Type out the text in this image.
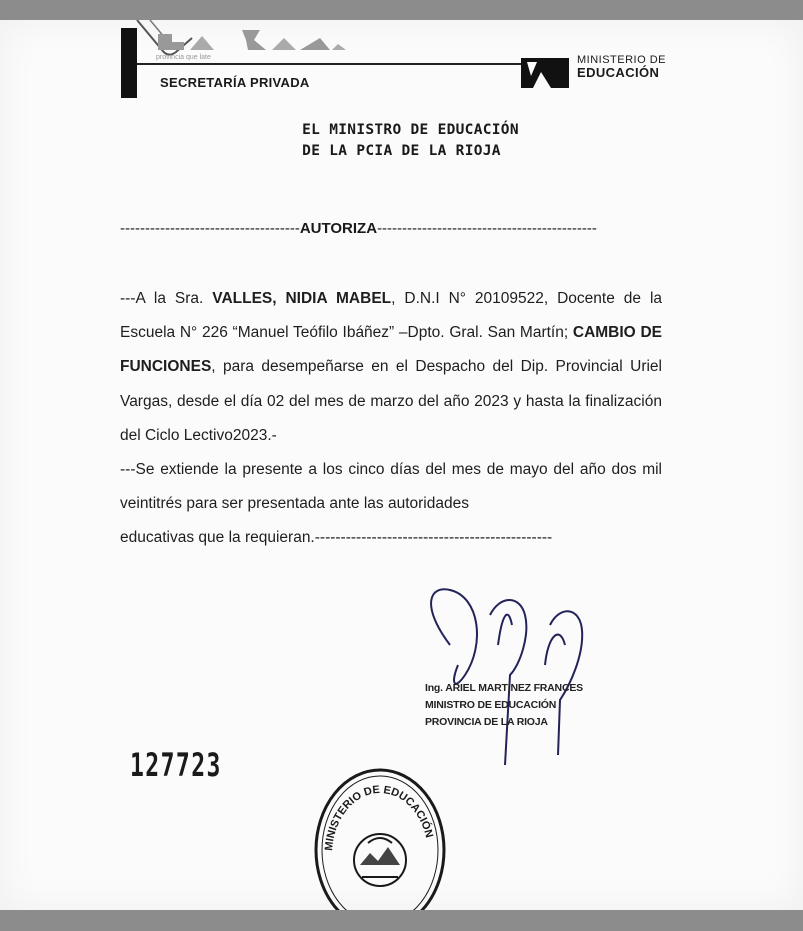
provincia que late
SECRETARÍA PRIVADA
MINISTERIO DE
EDUCACIÓN
EL MINISTRO DE EDUCACIÓN
DE LA PCIA DE LA RIOJA
------------------------------------AUTORIZA--------------------------------------------

---A la Sra. VALLES, NIDIA MABEL, D.N.I N° 20109522, Docente de la Escuela N° 226 “Manuel Teófilo Ibáñez” –Dpto. Gral. San Martín; CAMBIO DE FUNCIONES, para desempeñarse en el Despacho del Dip. Provincial Uriel Vargas, desde el día 02 del mes de marzo del año 2023 y hasta la finalización del Ciclo Lectivo2023.-

---Se extiende la presente a los cinco días del mes de mayo del año dos mil veintitrés para ser presentada ante las autoridades
educativas que la requieran.----------------------------------------------

Ing. ARIEL MARTINEZ FRANCES
MINISTRO DE EDUCACIÓN
PROVINCIA DE LA RIOJA
127723
MINISTERIO DE EDUCACIÓN
